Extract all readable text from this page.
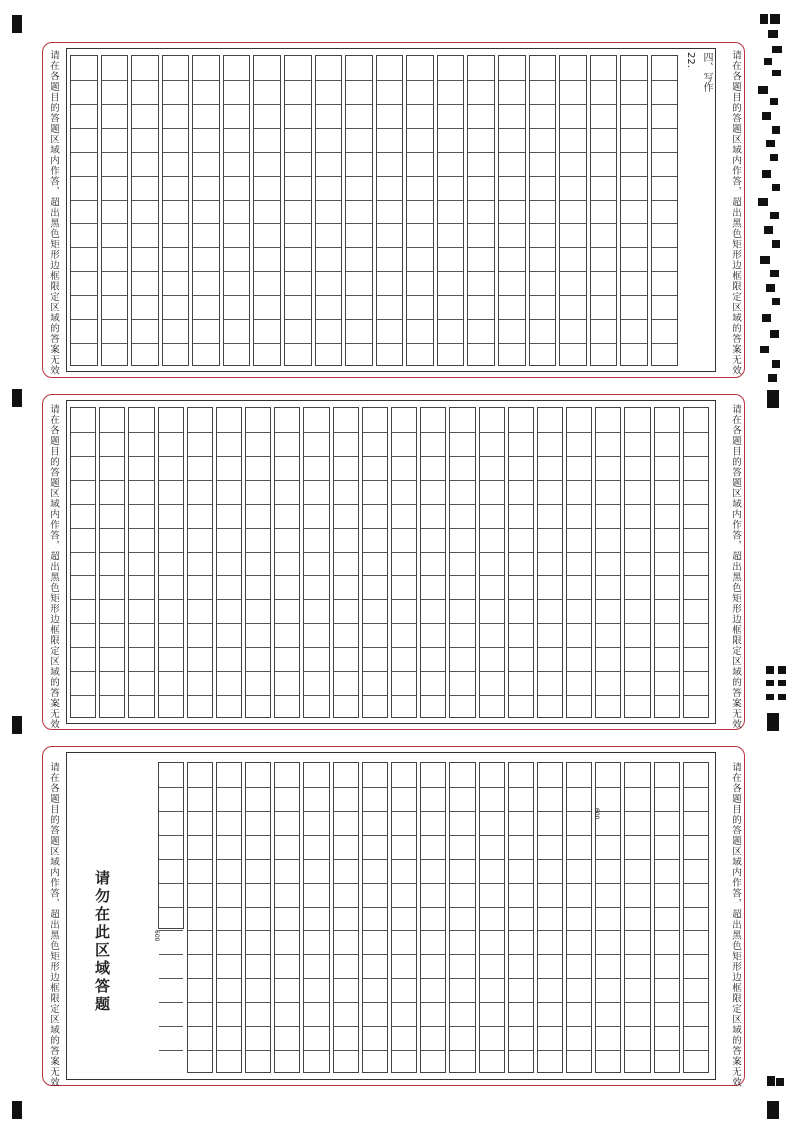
请在各题目的答题区域内作答，超出黑色矩形边框限定区域的答案无效	请在各题目的答题区域内作答，超出黑色矩形边框限定区域的答案无效
四、写作
22.
请在各题目的答题区域内作答，超出黑色矩形边框限定区域的答案无效	请在各题目的答题区域内作答，超出黑色矩形边框限定区域的答案无效
请在各题目的答题区域内作答，超出黑色矩形边框限定区域的答案无效	请在各题目的答题区域内作答，超出黑色矩形边框限定区域的答案无效
请勿在此区域答题	600
600
